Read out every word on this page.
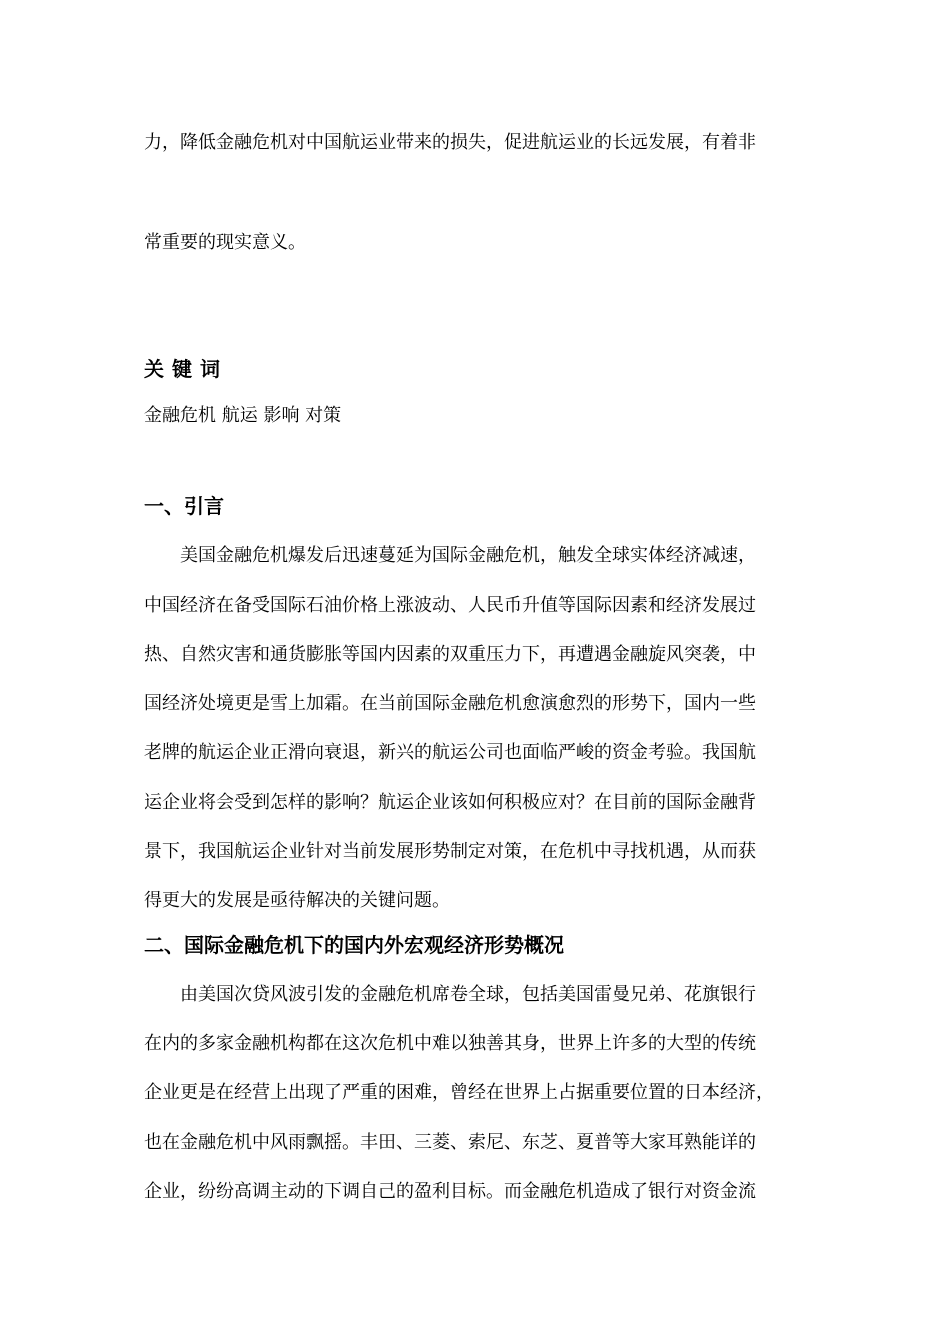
力，降低金融危机对中国航运业带来的损失，促进航运业的长远发展，有着非

常重要的现实意义。

关键词

金融危机 航运 影响 对策

一、引言

美国金融危机爆发后迅速蔓延为国际金融危机，触发全球实体经济减速，

中国经济在备受国际石油价格上涨波动、人民币升值等国际因素和经济发展过

热、自然灾害和通货膨胀等国内因素的双重压力下，再遭遇金融旋风突袭，中

国经济处境更是雪上加霜。在当前国际金融危机愈演愈烈的形势下，国内一些

老牌的航运企业正滑向衰退，新兴的航运公司也面临严峻的资金考验。我国航

运企业将会受到怎样的影响？航运企业该如何积极应对？在目前的国际金融背

景下，我国航运企业针对当前发展形势制定对策，在危机中寻找机遇，从而获

得更大的发展是亟待解决的关键问题。

二、国际金融危机下的国内外宏观经济形势概况

由美国次贷风波引发的金融危机席卷全球，包括美国雷曼兄弟、花旗银行

在内的多家金融机构都在这次危机中难以独善其身，世界上许多的大型的传统

企业更是在经营上出现了严重的困难，曾经在世界上占据重要位置的日本经济，

也在金融危机中风雨飘摇。丰田、三菱、索尼、东芝、夏普等大家耳熟能详的

企业，纷纷高调主动的下调自己的盈利目标。而金融危机造成了银行对资金流
